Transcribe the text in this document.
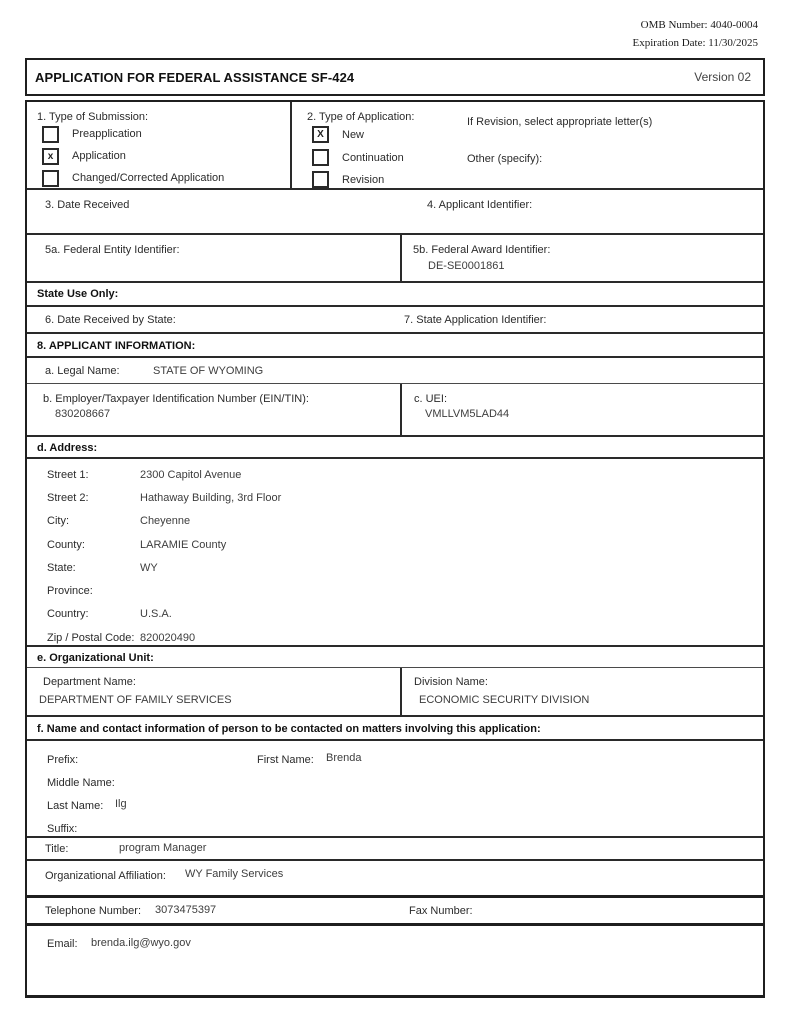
OMB Number: 4040-0004
Expiration Date: 11/30/2025
APPLICATION FOR FEDERAL ASSISTANCE SF-424	Version 02
1. Type of Submission:
Preapplication
x	Application
Changed/Corrected Application
2. Type of Application:
X	New
Continuation
Revision
If Revision, select appropriate letter(s)
Other (specify):
3. Date Received	4. Applicant Identifier:
5a. Federal Entity Identifier:	5b. Federal Award Identifier:
DE-SE0001861
State Use Only:
6. Date Received by State:	7. State Application Identifier:
8. APPLICANT INFORMATION:
a. Legal Name:	STATE OF WYOMING
b. Employer/Taxpayer Identification Number (EIN/TIN):
830208667
c. UEI:
VMLLVM5LAD44
d. Address:
Street 1:	2300 Capitol Avenue
Street 2:	Hathaway Building, 3rd Floor
City:	Cheyenne
County:	LARAMIE County
State:	WY
Province:
Country:	U.S.A.
Zip / Postal Code: 820020490
e. Organizational Unit:
Department Name:
DEPARTMENT OF FAMILY SERVICES
Division Name:
ECONOMIC SECURITY DIVISION
f. Name and contact information of person to be contacted on matters involving this application:
Prefix:	First Name: Brenda
Middle Name:
Last Name: Ilg
Suffix:
Title:	program Manager
Organizational Affiliation: WY Family Services
Telephone Number: 3073475397	Fax Number:
Email: brenda.ilg@wyo.gov
